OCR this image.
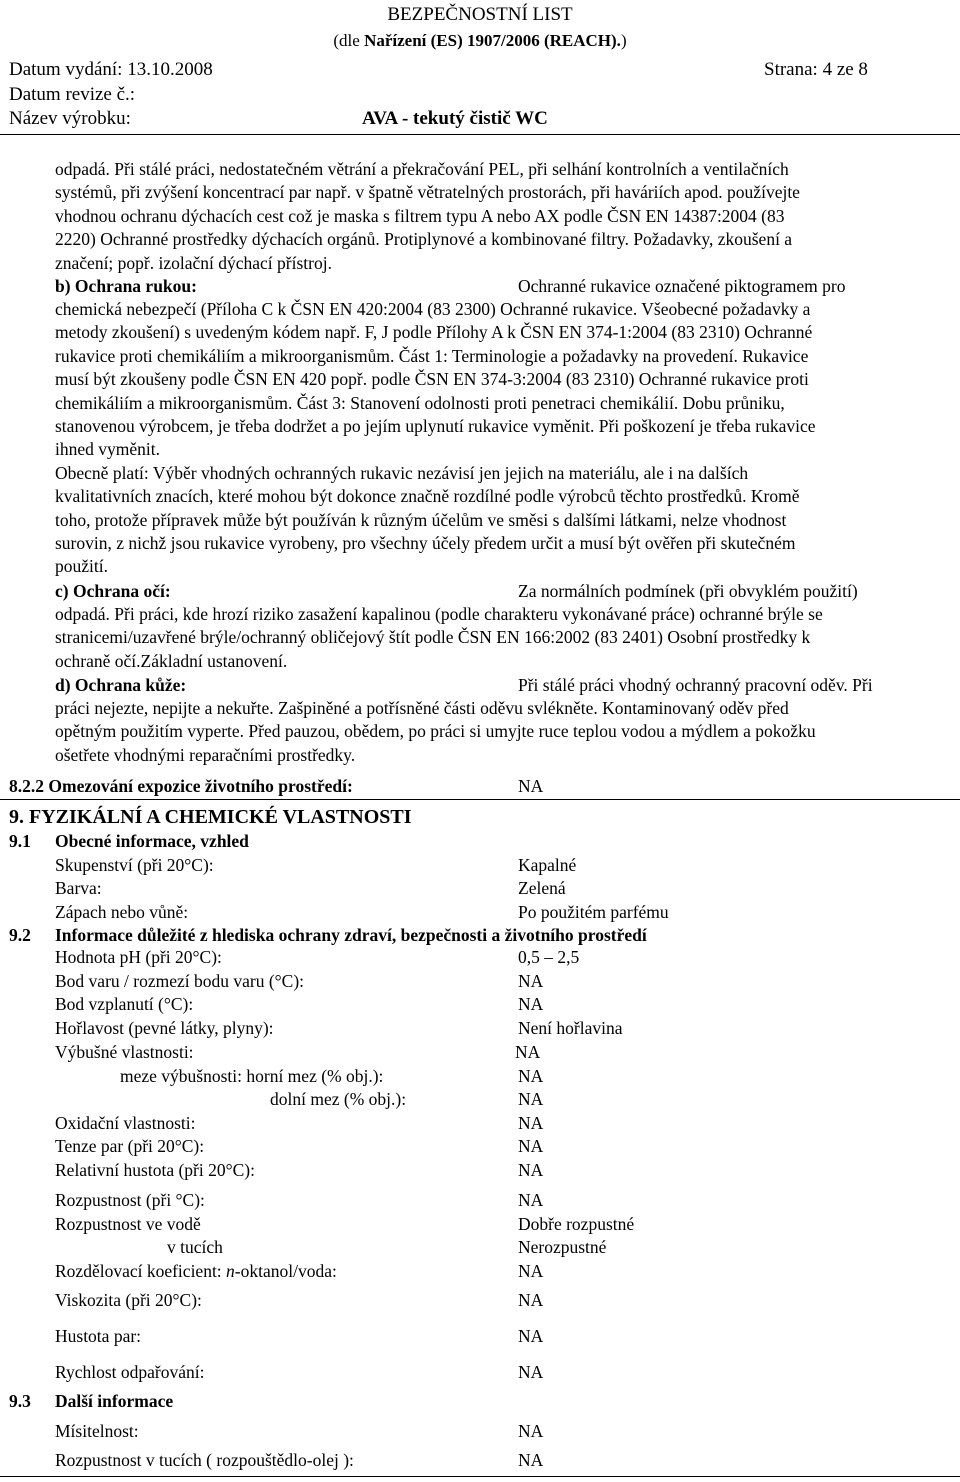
BEZPEČNOSTNÍ LIST
(dle Nařízení (ES) 1907/2006 (REACH).)
Datum vydání: 13.10.2008	Strana: 4 ze 8
Datum revize č.:
Název výrobku:	AVA - tekutý čistič WC

odpadá. Při stálé práci, nedostatečném větrání a překračování PEL, při selhání kontrolních a ventilačních

systémů, při zvýšení koncentrací par např. v špatně větratelných prostorách, při haváriích apod. používejte

vhodnou ochranu dýchacích cest což je maska s filtrem typu A nebo AX podle ČSN EN 14387:2004 (83

2220) Ochranné prostředky dýchacích orgánů. Protiplynové a kombinované filtry. Požadavky, zkoušení a

značení; popř. izolační dýchací přístroj.

b) Ochrana rukou:	Ochranné rukavice označené piktogramem pro

chemická nebezpečí (Příloha C k ČSN EN 420:2004 (83 2300) Ochranné rukavice. Všeobecné požadavky a

metody zkoušení) s uvedeným kódem např. F, J podle Přílohy A k ČSN EN 374-1:2004 (83 2310) Ochranné

rukavice proti chemikáliím a mikroorganismům. Část 1: Terminologie a požadavky na provedení. Rukavice

musí být zkoušeny podle ČSN EN 420 popř. podle ČSN EN 374-3:2004 (83 2310) Ochranné rukavice proti

chemikáliím a mikroorganismům. Část 3: Stanovení odolnosti proti penetraci chemikálií. Dobu průniku,

stanovenou výrobcem, je třeba dodržet a po jejím uplynutí rukavice vyměnit. Při poškození je třeba rukavice

ihned vyměnit.

Obecně platí: Výběr vhodných ochranných rukavic nezávisí jen jejich na materiálu, ale i na dalších

kvalitativních znacích, které mohou být dokonce značně rozdílné podle výrobců těchto prostředků. Kromě

toho, protože přípravek může být používán k různým účelům ve směsi s dalšími látkami, nelze vhodnost

surovin, z nichž jsou rukavice vyrobeny, pro všechny účely předem určit a musí být ověřen při skutečném

použití.

c) Ochrana očí:	Za normálních podmínek (při obvyklém použití)

odpadá. Při práci, kde hrozí riziko zasažení kapalinou (podle charakteru vykonávané práce) ochranné brýle se

stranicemi/uzavřené brýle/ochranný obličejový štít podle ČSN EN 166:2002 (83 2401) Osobní prostředky k

ochraně očí.Základní ustanovení.

d) Ochrana kůže:	Při stálé práci vhodný ochranný pracovní oděv. Při

práci nejezte, nepijte a nekuřte. Zašpiněné a potřísněné části oděvu svlékněte. Kontaminovaný oděv před

opětným použitím vyperte. Před pauzou, obědem, po práci si umyjte ruce teplou vodou a mýdlem a pokožku

ošetřete vhodnými reparačními prostředky.

8.2.2 Omezování expozice životního prostředí:	NA
9. FYZIKÁLNÍ A CHEMICKÉ VLASTNOSTI
9.1 Obecné informace, vzhled
Skupenství (při 20°C):	Kapalné
Barva:	Zelená
Zápach nebo vůně:	Po použitém parfému
9.2 Informace důležité z hlediska ochrany zdraví, bezpečnosti a životního prostředí
Hodnota pH (při 20°C):	0,5 – 2,5
Bod varu / rozmezí bodu varu (°C):	NA
Bod vzplanutí (°C):	NA
Hořlavost (pevné látky, plyny):	Není hořlavina
Výbušné vlastnosti:	NA
meze výbušnosti: horní mez (% obj.):	NA
dolní mez (% obj.):	NA
Oxidační vlastnosti:	NA
Tenze par (při 20°C):	NA
Relativní hustota (při 20°C):	NA
Rozpustnost (při °C):	NA
Rozpustnost ve vodě	Dobře rozpustné
v tucích	Nerozpustné
Rozdělovací koeficient: n-oktanol/voda:	NA
Viskozita (při 20°C):	NA
Hustota par:	NA
Rychlost odpařování:	NA
9.3 Další informace
Mísitelnost:	NA
Rozpustnost v tucích ( rozpouštědlo-olej ):	NA
